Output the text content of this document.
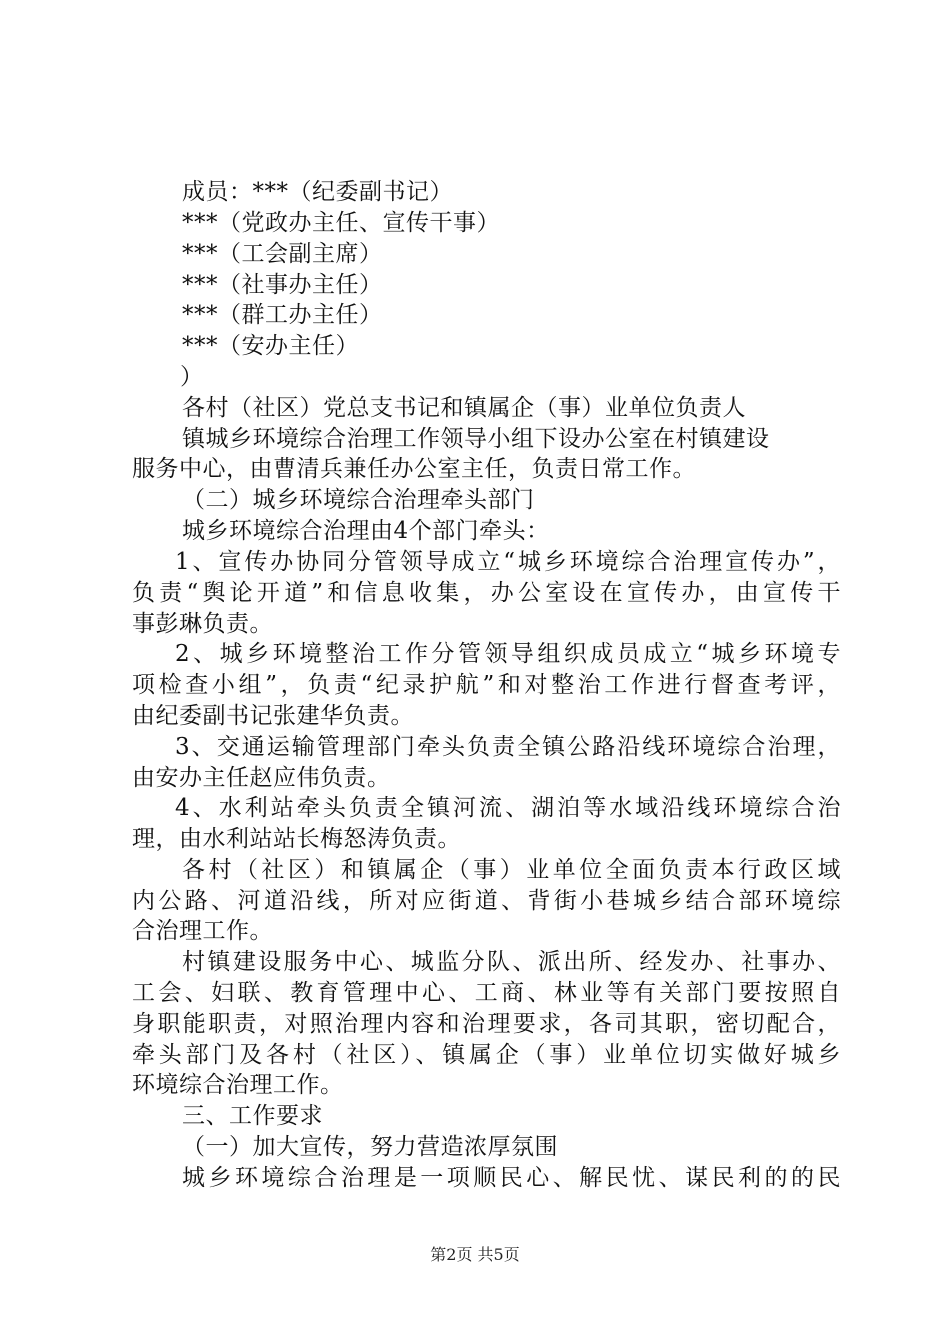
成员：***（纪委副书记）
***（党政办主任、宣传干事）
***（工会副主席）
***（社事办主任）
***（群工办主任）
***（安办主任）
）
各村（社区）党总支书记和镇属企（事）业单位负责人
镇城乡环境综合治理工作领导小组下设办公室在村镇建设
服务中心，由曹清兵兼任办公室主任，负责日常工作。
（二）城乡环境综合治理牵头部门
城乡环境综合治理由4个部门牵头：
1、宣传办协同分管领导成立“城乡环境综合治理宣传办”，
负责“舆论开道”和信息收集，办公室设在宣传办，由宣传干
事彭琳负责。
2、城乡环境整治工作分管领导组织成员成立“城乡环境专
项检查小组”，负责“纪录护航”和对整治工作进行督查考评，
由纪委副书记张建华负责。
3、交通运输管理部门牵头负责全镇公路沿线环境综合治理，
由安办主任赵应伟负责。
4、水利站牵头负责全镇河流、湖泊等水域沿线环境综合治
理，由水利站站长梅怒涛负责。
各村（社区）和镇属企（事）业单位全面负责本行政区域
内公路、河道沿线，所对应街道、背街小巷城乡结合部环境综
合治理工作。
村镇建设服务中心、城监分队、派出所、经发办、社事办、
工会、妇联、教育管理中心、工商、林业等有关部门要按照自
身职能职责，对照治理内容和治理要求，各司其职，密切配合，
牵头部门及各村（社区）、镇属企（事）业单位切实做好城乡
环境综合治理工作。
三、工作要求
（一）加大宣传，努力营造浓厚氛围
城乡环境综合治理是一项顺民心、解民忧、谋民利的的民
第2页 共5页
